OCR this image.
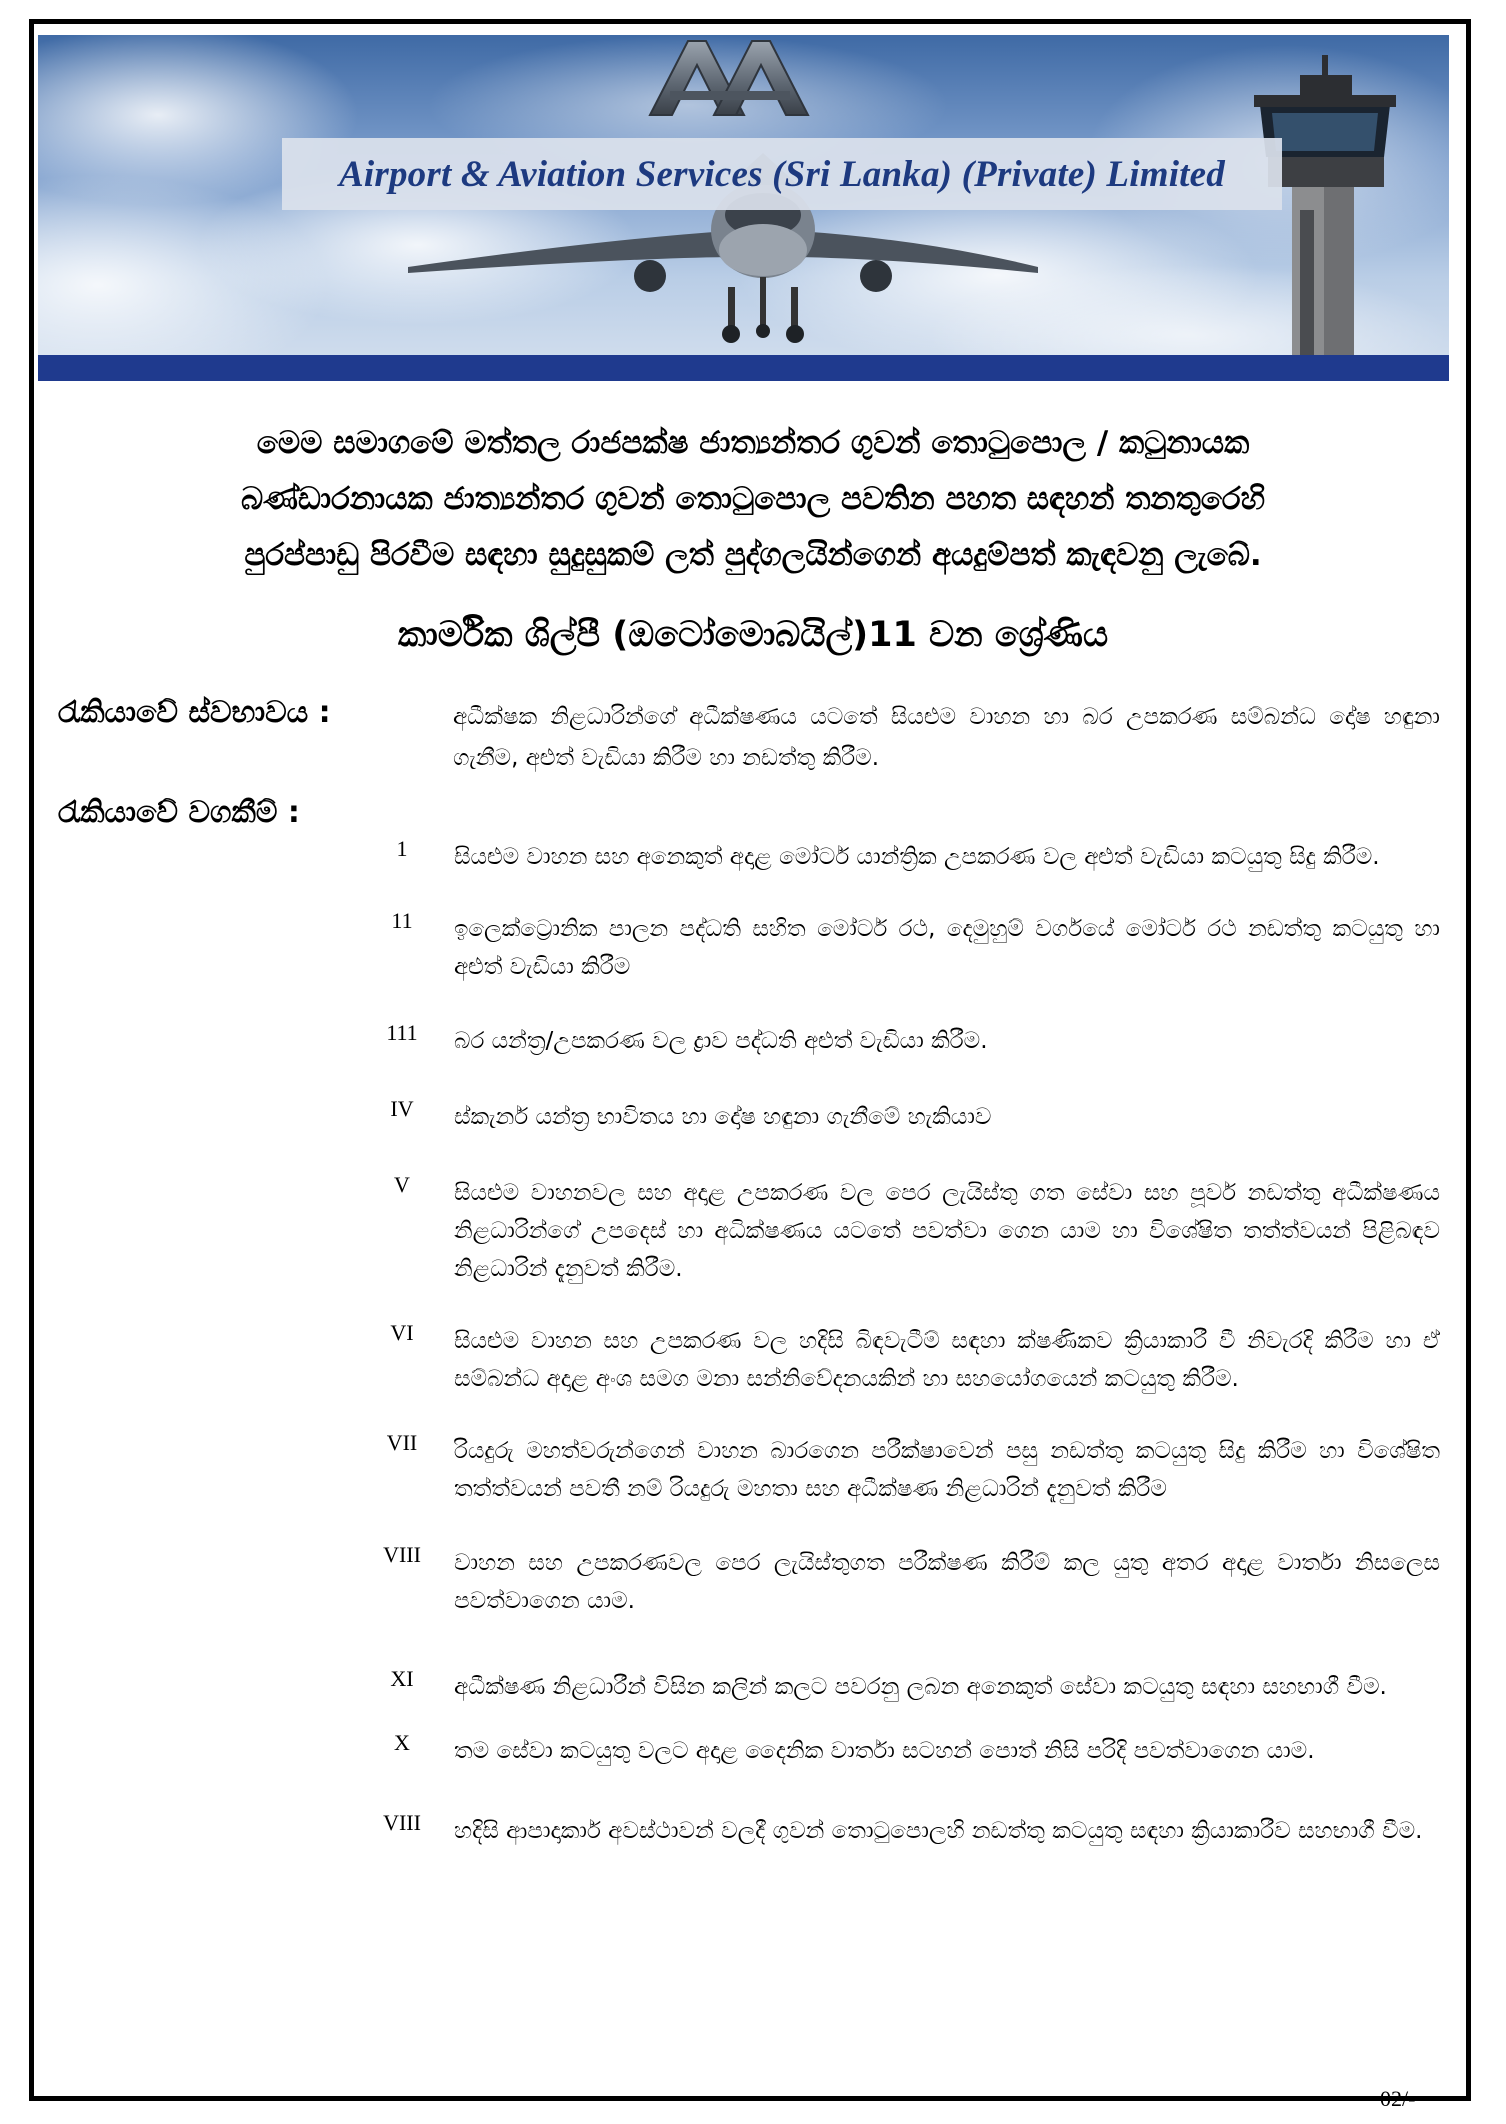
Airport & Aviation Services (Sri Lanka) (Private) Limited
මෙම සමාගමේ මත්තල රාජපක්ෂ ජාත්‍යන්තර ගුවන් තොටුපොල / කටුනායක
බණ්ඩාරනායක ජාත්‍යන්තර ගුවන් තොටුපොල පවතින පහත සඳහන් තනතුරෙහි
පුරප්පාඩු පිරවීම සඳහා සුදුසුකම් ලත් පුද්ගලයින්ගෙන් අයදුම්පත් කැඳවනු ලැබේ.
කාර්මික ශිල්පී (ඔටෝමොබයිල්)11 වන ශ්‍රේණිය
රැකියාවේ ස්වභාවය :	අධීක්ෂක නිළධාරින්ගේ අධීක්ෂණය යටතේ සියළුම වාහන හා බර උපකරණ සම්බන්ධ දෝෂ හඳුනා ගැනීම, අළුත් වැඩියා කිරීම හා නඩත්තු කිරීම.
රැකියාවේ වගකීම් :
1	සියළුම වාහන සහ අනෙකුත් අදාළ මෝටර් යාන්ත්‍රික උපකරණ වල අළුත් වැඩියා කටයුතු සිදු කිරීම.
11	ඉලෙක්ට්‍රොනික පාලන පද්ධති සහිත මෝටර් රථ, දෙමුහුම් වර්ගයේ මෝටර් රථ නඩත්තු කටයුතු හා අළුත් වැඩියා කිරීම
111	බර යන්ත්‍ර/උපකරණ වල ද්‍රාව පද්ධති අළුත් වැඩියා කිරීම.
IV	ස්කැනර් යන්ත්‍ර භාවිතය හා දෝෂ හඳුනා ගැනීමේ හැකියාව
V	සියළුම වාහනවල සහ අදාළ උපකරණ වල පෙර ලැයිස්තු ගත සේවා සහ පූර්ව නඩත්තු අධීක්ෂණය නිළධාරින්ගේ උපදෙස් හා අධික්ෂණය යටතේ පවත්වා ගෙන යාම හා විශේෂිත තත්ත්වයන් පිළිබඳව නිළධාරින් දැනුවත් කිරීම.
VI	සියළුම වාහන සහ උපකරණ වල හදිසි බිඳවැටීම් සඳහා ක්ෂණිකව ක්‍රියාකාරී වී නිවැරදි කිරීම හා ඒ සම්බන්ධ අදාළ අංශ සමග මනා සන්නිවේදනයකින් හා සහයෝගයෙන් කටයුතු කිරීම.
VII	රියදුරු මහත්වරුන්ගෙන් වාහන බාරගෙන පරීක්ෂාවෙන් පසු නඩත්තු කටයුතු සිදු කිරීම හා විශේෂිත තත්ත්වයන් පවතී නම් රියදුරු මහතා සහ අධීක්ෂණ නිළධාරින් දැනුවත් කිරීම
VIII	වාහන සහ උපකරණවල පෙර ලැයිස්තුගත පරීක්ෂණ කිරීම් කල යුතු අතර අදාළ වාර්තා නිසලෙස පවත්වාගෙන යාම.
XI	අධීක්ෂණ නිළධාරීන් විසින කලින් කලට පවරනු ලබන අනෙකුත් සේවා කටයුතු සඳහා සහභාගී වීම.
X	තම සේවා කටයුතු වලට අදාළ දෛනික වාර්තා සටහන් පොත් නිසි පරිදි පවත්වාගෙන යාම.
VIII	හදිසි ආපාදාකාර් අවස්ථාවන් වලදී ගුවන් තොටුපොලහි නඩත්තු කටයුතු සඳහා ක්‍රියාකාරීව සහභාගී වීම.
02/-
